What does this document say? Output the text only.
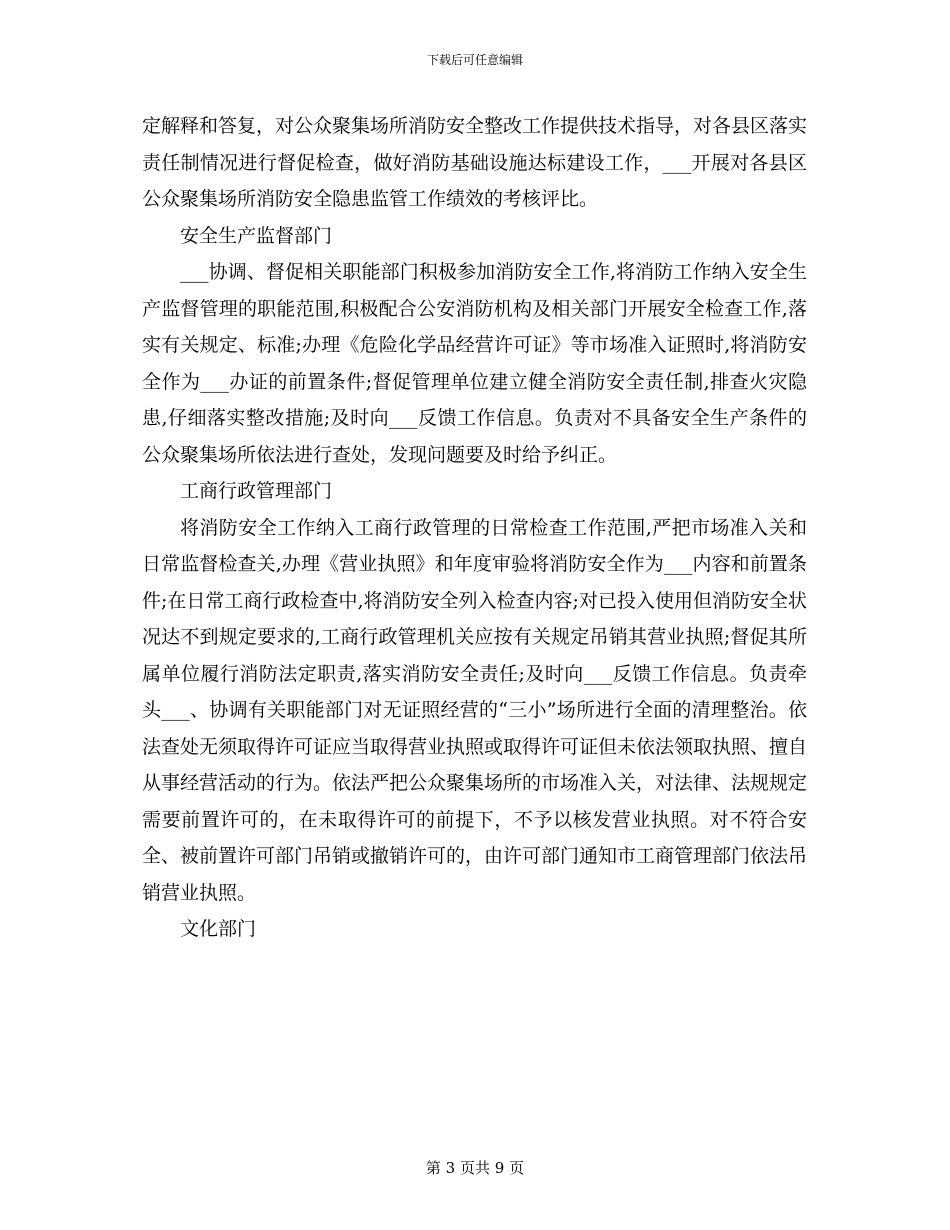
下载后可任意编辑

定解释和答复，对公众聚集场所消防安全整改工作提供技术指导，对各县区落实责任制情况进行督促检查，做好消防基础设施达标建设工作，___开展对各县区公众聚集场所消防安全隐患监管工作绩效的考核评比。

安全生产监督部门

___协调、督促相关职能部门积极参加消防安全工作,将消防工作纳入安全生产监督管理的职能范围,积极配合公安消防机构及相关部门开展安全检查工作,落实有关规定、标准;办理《危险化学品经营许可证》等市场准入证照时,将消防安全作为___办证的前置条件;督促管理单位建立健全消防安全责任制,排查火灾隐患,仔细落实整改措施;及时向___反馈工作信息。负责对不具备安全生产条件的公众聚集场所依法进行查处，发现问题要及时给予纠正。

工商行政管理部门

将消防安全工作纳入工商行政管理的日常检查工作范围,严把市场准入关和日常监督检查关,办理《营业执照》和年度审验将消防安全作为___内容和前置条件;在日常工商行政检查中,将消防安全列入检查内容;对已投入使用但消防安全状况达不到规定要求的,工商行政管理机关应按有关规定吊销其营业执照;督促其所属单位履行消防法定职责,落实消防安全责任;及时向___反馈工作信息。负责牵头___、协调有关职能部门对无证照经营的“三小”场所进行全面的清理整治。依法查处无须取得许可证应当取得营业执照或取得许可证但未依法领取执照、擅自从事经营活动的行为。依法严把公众聚集场所的市场准入关，对法律、法规规定需要前置许可的，在未取得许可的前提下，不予以核发营业执照。对不符合安全、被前置许可部门吊销或撤销许可的，由许可部门通知市工商管理部门依法吊销营业执照。

文化部门

第 3 页共 9 页
